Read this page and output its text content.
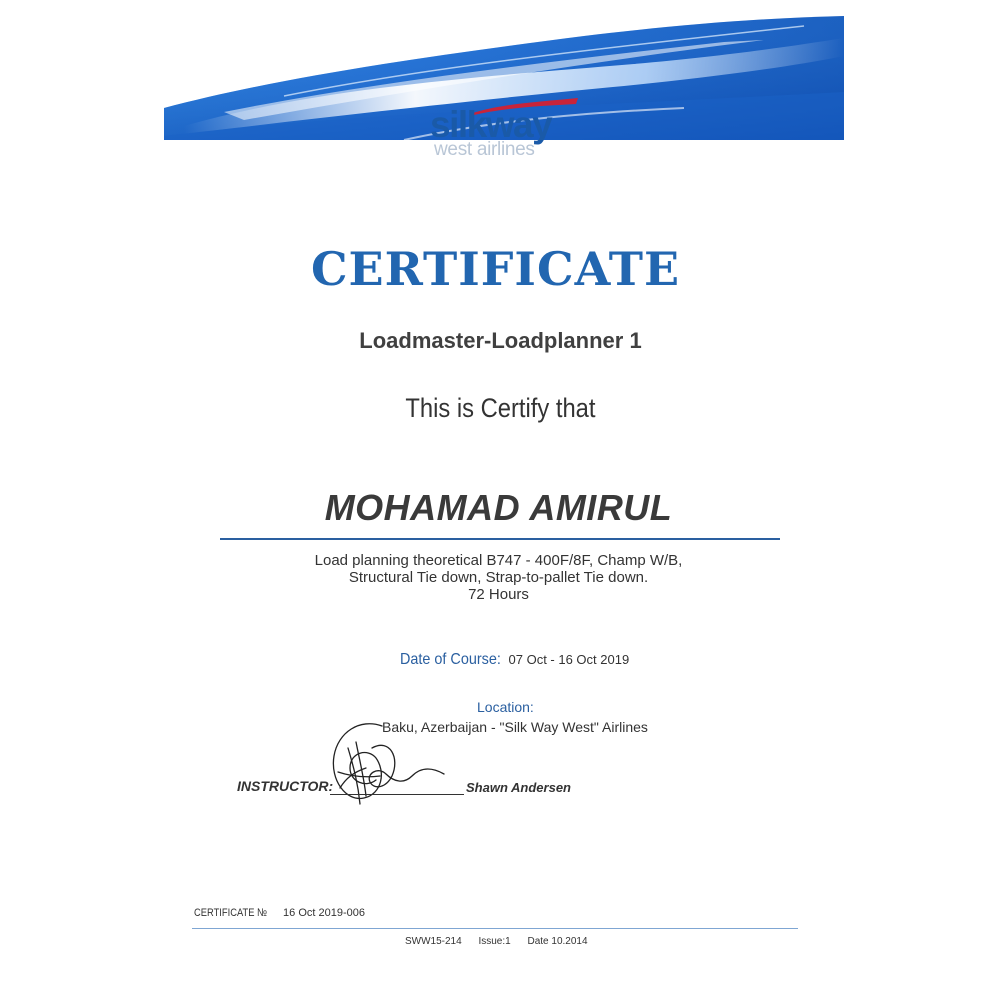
silkway
west airlines
CERTIFICATE
Loadmaster-Loadplanner 1
This is Certify that
MOHAMAD AMIRUL
Load planning theoretical B747 - 400F/8F, Champ W/B,
Structural Tie down, Strap-to-pallet Tie down.
72 Hours
Date of Course: 07 Oct - 16 Oct 2019
Location:
Baku, Azerbaijan - "Silk Way West" Airlines
INSTRUCTOR:	Shawn Andersen
CERTIFICATE № 16 Oct 2019-006
SWW15-214 Issue:1 Date 10.2014
